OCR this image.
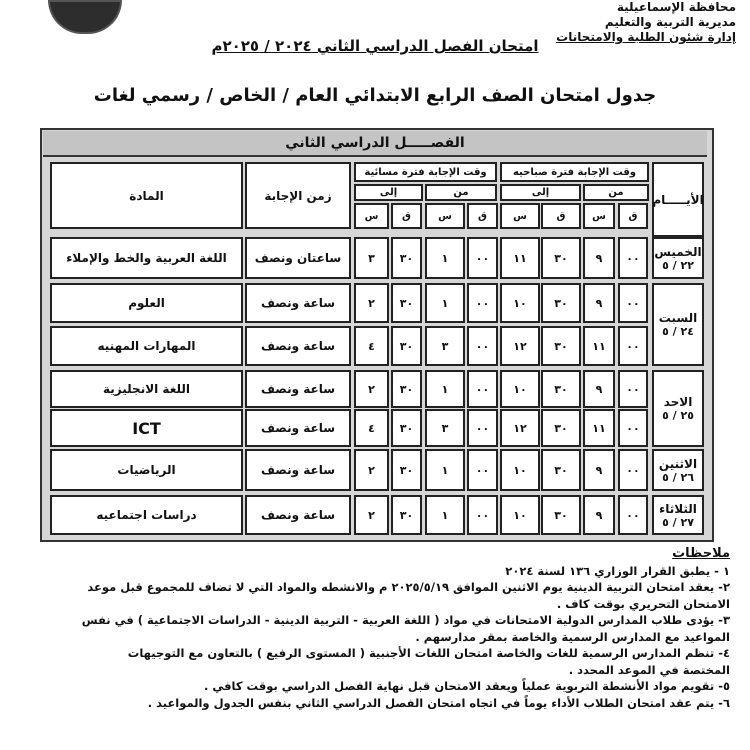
محافظة الإسماعيلية
مديرية التربية والتعليم
إدارة شئون الطلبة والامتحانات
امتحان الفصل الدراسي الثاني ٢٠٢٤ / ٢٠٢٥م
جدول امتحان الصف الرابع الابتدائي العام / الخاص / رسمي لغات
الفصـــــل الدراسي الثاني
الأيـــــام
وقت الإجابة فترة صباحيه
وقت الإجابة فترة مسائية
من
إلى
من
إلى
ق
س
ق
س
ق
س
ق
س
زمن الإجابة
المادة
الخميس
٢٢ / ٥
السبت
٢٤ / ٥
الاحد
٢٥ / ٥
الاثنين
٢٦ / ٥
الثلاثاء
٢٧ / ٥
٠٠
٩
٣٠
١١
٠٠
١
٣٠
٣
ساعتان ونصف
اللغة العربية والخط والإملاء
٠٠
٩
٣٠
١٠
٠٠
١
٣٠
٢
ساعة ونصف
العلوم
٠٠
١١
٣٠
١٢
٠٠
٣
٣٠
٤
ساعة ونصف
المهارات المهنيه
٠٠
٩
٣٠
١٠
٠٠
١
٣٠
٢
ساعة ونصف
اللغة الانجليزية
٠٠
١١
٣٠
١٢
٠٠
٣
٣٠
٤
ساعة ونصف
ICT
٠٠
٩
٣٠
١٠
٠٠
١
٣٠
٢
ساعة ونصف
الرياضيات
٠٠
٩
٣٠
١٠
٠٠
١
٣٠
٢
ساعة ونصف
دراسات اجتماعيه

ملاحظات

١ - يطبق القرار الوزاري ١٣٦ لسنة ٢٠٢٤

٢- يعقد امتحان التربية الدينية يوم الاثنين الموافق ٢٠٢٥/٥/١٩ م والانشطه والمواد التي لا تضاف للمجموع قبل موعد

الامتحان التحريري بوقت كاف .

٣- يؤدى طلاب المدارس الدولية الامتحانات في مواد ( اللغة العربية - التربية الدينية - الدراسات الاجتماعية ) في نفس

المواعيد مع المدارس الرسمية والخاصة بمقر مدارسهم .

٤- تنظم المدارس الرسمية للغات والخاصة امتحان اللغات الأجنبية ( المستوى الرفيع ) بالتعاون مع التوجيهات

المختصة في الموعد المحدد .

٥- تقويم مواد الأنشطة التربوية عملياً ويعقد الامتحان قبل نهاية الفصل الدراسي بوقت كافي .

٦- يتم عقد امتحان الطلاب الأداء يوماً في اتجاه امتحان الفصل الدراسي الثاني بنفس الجدول والمواعيد .
